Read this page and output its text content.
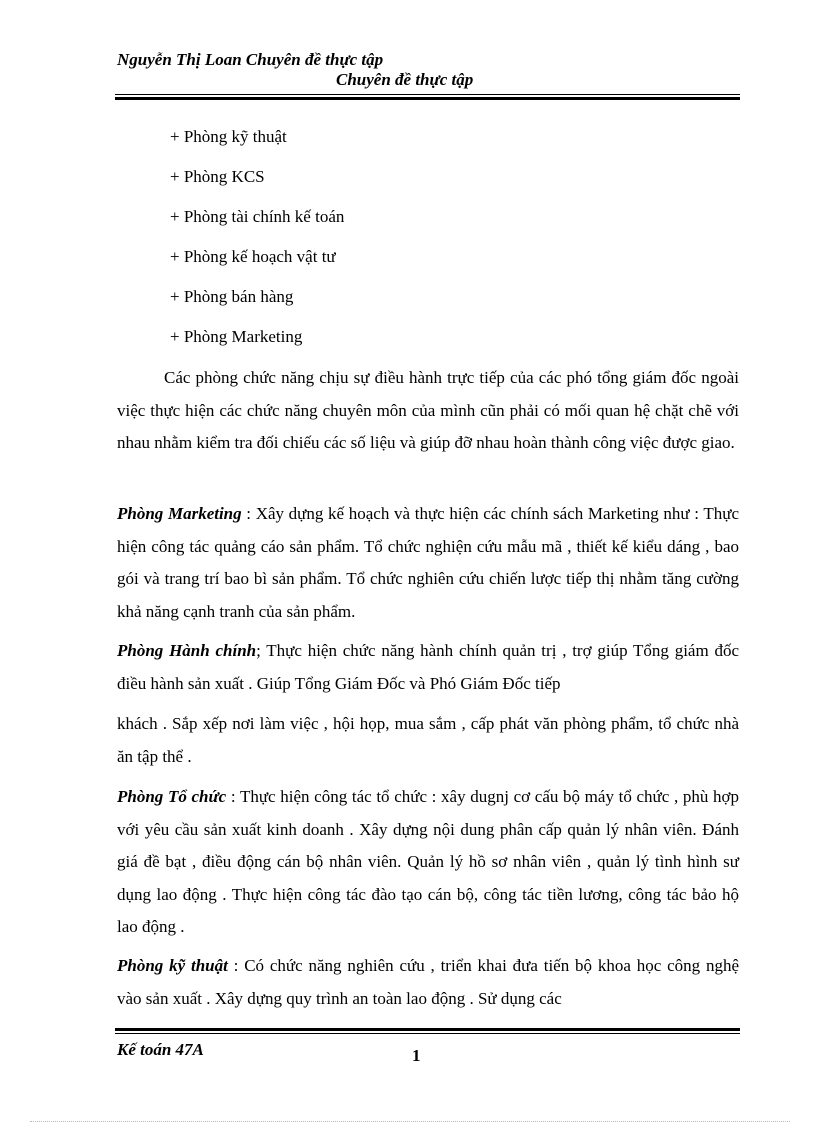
Nguyễn Thị Loan Chuyên đề thực tập
Chuyên đề thực tập
+ Phòng kỹ thuật
+ Phòng KCS
+ Phòng tài chính kế toán
+ Phòng kế hoạch vật tư
+ Phòng bán hàng
+ Phòng Marketing

Các phòng chức năng chịu sự điều hành trực tiếp của các phó tổng giám đốc ngoài việc thực hiện các chức năng chuyên môn của mình cũn phải có mối quan hệ chặt chẽ với nhau nhằm kiểm tra đối chiếu các số liệu và giúp đỡ nhau hoàn thành công việc được giao.

Phòng Marketing : Xây dựng kế hoạch và thực hiện các chính sách Marketing như : Thực hiện công tác quảng cáo sản phẩm. Tổ chức nghiện cứu mẫu mã , thiết kế kiểu dáng , bao gói và trang trí bao bì sản phẩm. Tổ chức nghiên cứu chiến lược tiếp thị nhằm tăng cường khả năng cạnh tranh của sản phẩm.

Phòng Hành chính; Thực hiện chức năng hành chính quản trị , trợ giúp Tổng giám đốc điều hành sản xuất . Giúp Tổng Giám Đốc và Phó Giám Đốc tiếp

khách . Sắp xếp nơi làm việc , hội họp, mua sắm , cấp phát văn phòng phẩm, tổ chức nhà ăn tập thể .

Phòng Tổ chức : Thực hiện công tác tổ chức : xây dugnj cơ cấu bộ máy tổ chức , phù hợp với yêu cầu sản xuất kinh doanh . Xây dựng nội dung phân cấp quản lý nhân viên. Đánh giá đề bạt , điều động cán bộ nhân viên. Quản lý hồ sơ nhân viên , quản lý tình hình sư dụng lao động . Thực hiện công tác đào tạo cán bộ, công tác tiền lương, công tác bảo hộ lao động .

Phòng kỹ thuật : Có chức năng nghiên cứu , triển khai đưa tiến bộ khoa học công nghệ vào sản xuất . Xây dựng quy trình an toàn lao động . Sử dụng các

Kế toán 47A	1
